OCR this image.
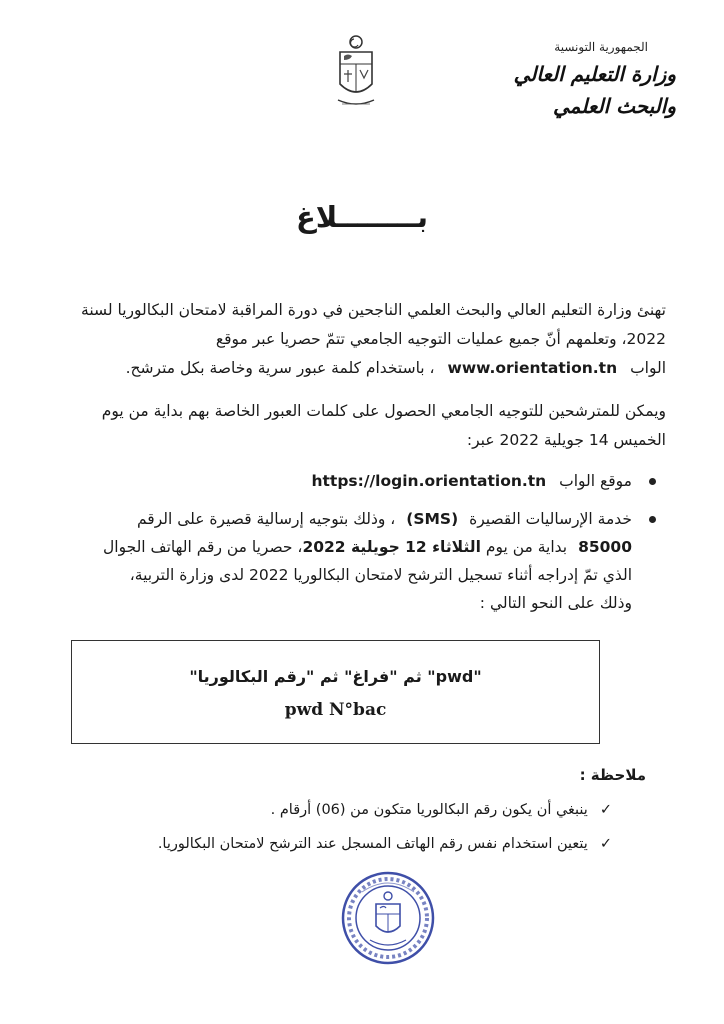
الجمهورية التونسية
وزارة التعليم العالي
والبحث العلمي
بــــــــلاغ
تهنئ وزارة التعليم العالي والبحث العلمي الناجحين في دورة المراقبة لامتحان البكالوريا لسنة
2022، وتعلمهم أنّ جميع عمليات التوجيه الجامعي تتمّ حصريا عبر موقع
الواب www.orientation.tn ، باستخدام كلمة عبور سرية وخاصة بكل مترشح.
ويمكن للمترشحين للتوجيه الجامعي الحصول على كلمات العبور الخاصة بهم بداية من يوم
الخميس 14 جويلية 2022 عبر:
موقع الواب https://login.orientation.tn
خدمة الإرساليات القصيرة (SMS) ، وذلك بتوجيه إرسالية قصيرة على الرقم
85000 بداية من يوم الثلاثاء 12 جويلية 2022، حصريا من رقم الهاتف الجوال
الذي تمّ إدراجه أثناء تسجيل الترشح لامتحان البكالوريا 2022 لدى وزارة التربية،
وذلك على النحو التالي :
"pwd" ثم "فراغ" ثم "رقم البكالوريا"
pwd N°bac
ملاحظة :
✓ينبغي أن يكون رقم البكالوريا متكون من (06) أرقام .
✓يتعين استخدام نفس رقم الهاتف المسجل عند الترشح لامتحان البكالوريا.
